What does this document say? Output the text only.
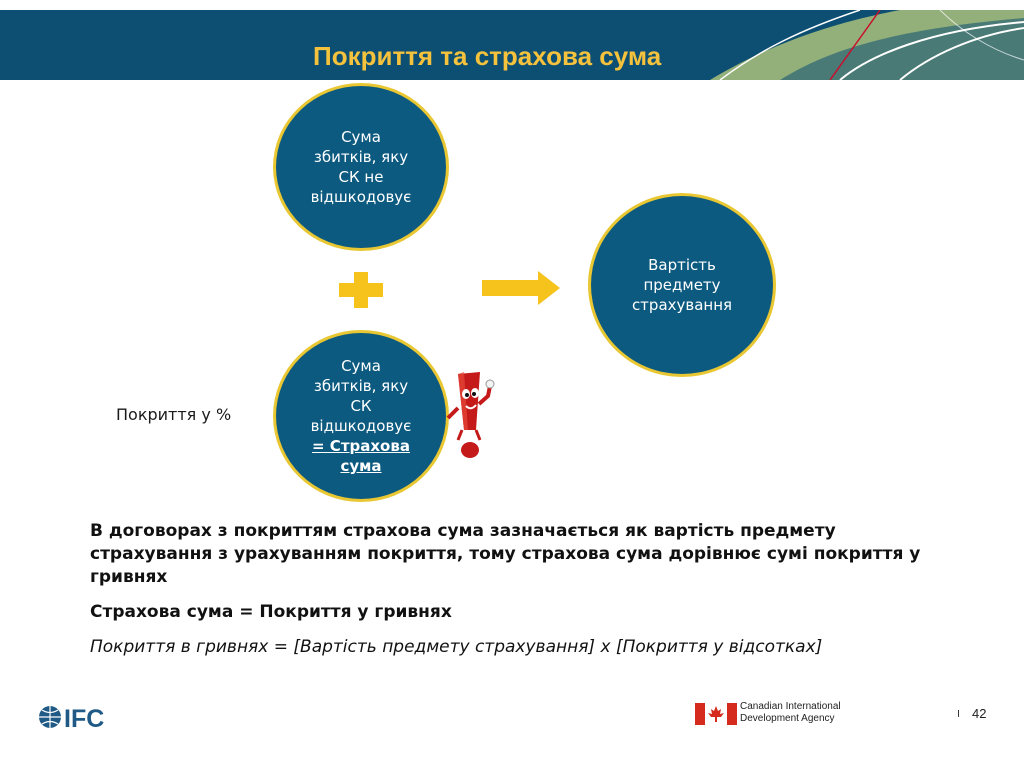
Покриття та страхова сума
Сума
збитків, яку
СК не
відшкодовує
Вартість
предмету
страхування
Сума
збитків, яку
СК
відшкодовує
= Страхова
сума
Покриття у %

В договорах з покриттям страхова сума зазначається як вартість предмету страхування з урахуванням покриття, тому страхова сума дорівнює сумі покриття у гривнях

Страхова сума = Покриття у гривнях

Покриття в гривнях = [Вартість предмету страхування] х [Покриття у відсотках]

IFC	Canadian International
Development Agency	I 42
